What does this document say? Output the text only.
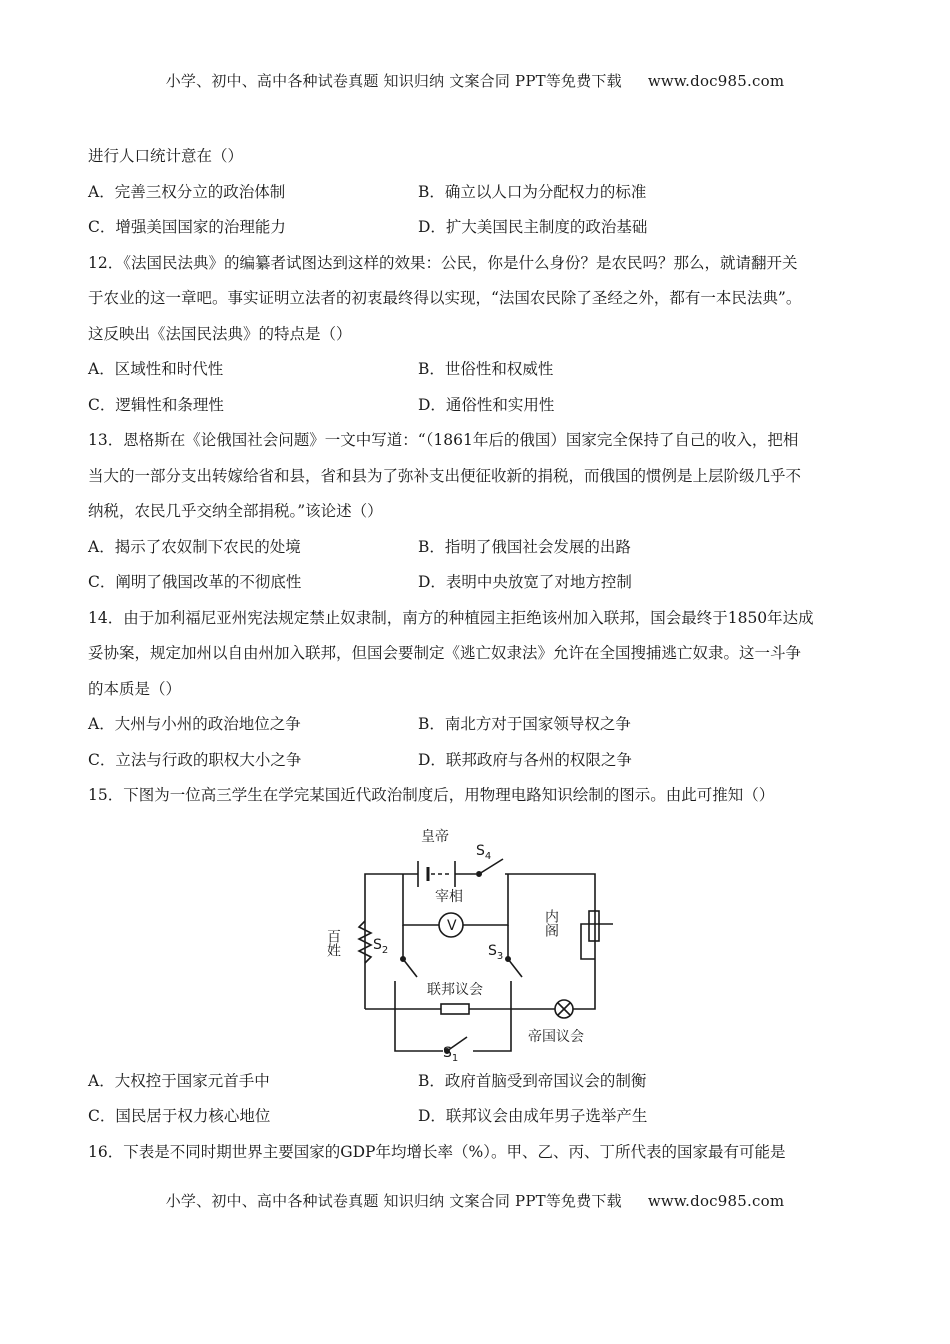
小学、初中、高中各种试卷真题 知识归纳 文案合同 PPT等免费下载 www.doc985.com
进行人口统计意在（）
A．完善三权分立的政治体制	B．确立以人口为分配权力的标准
C．增强美国国家的治理能力	D．扩大美国民主制度的政治基础
12．《法国民法典》的编纂者试图达到这样的效果：公民，你是什么身份？是农民吗？那么，就请翻开关
于农业的这一章吧。事实证明立法者的初衷最终得以实现，“法国农民除了圣经之外，都有一本民法典”。
这反映出《法国民法典》的特点是（）
A．区域性和时代性	B．世俗性和权威性
C．逻辑性和条理性	D．通俗性和实用性
13．恩格斯在《论俄国社会问题》一文中写道：“（1861年后的俄国）国家完全保持了自己的收入，把相
当大的一部分支出转嫁给省和县，省和县为了弥补支出便征收新的捐税，而俄国的惯例是上层阶级几乎不
纳税，农民几乎交纳全部捐税。”该论述（）
A．揭示了农奴制下农民的处境	B．指明了俄国社会发展的出路
C．阐明了俄国改革的不彻底性	D．表明中央放宽了对地方控制
14．由于加利福尼亚州宪法规定禁止奴隶制，南方的种植园主拒绝该州加入联邦，国会最终于1850年达成
妥协案，规定加州以自由州加入联邦，但国会要制定《逃亡奴隶法》允许在全国搜捕逃亡奴隶。这一斗争
的本质是（）
A．大州与小州的政治地位之争	B．南北方对于国家领导权之争
C．立法与行政的职权大小之争	D．联邦政府与各州的权限之争
15．下图为一位高三学生在学完某国近代政治制度后，用物理电路知识绘制的图示。由此可推知（）
皇帝
$S_4$
宰相
V
百姓 $S_2$	$S_3$
内阁
联邦议会
帝国议会
$S_1$
A．大权控于国家元首手中	B．政府首脑受到帝国议会的制衡
C．国民居于权力核心地位	D．联邦议会由成年男子选举产生
16．下表是不同时期世界主要国家的GDP年均增长率（%）。甲、乙、丙、丁所代表的国家最有可能是
小学、初中、高中各种试卷真题 知识归纳 文案合同 PPT等免费下载 www.doc985.com
